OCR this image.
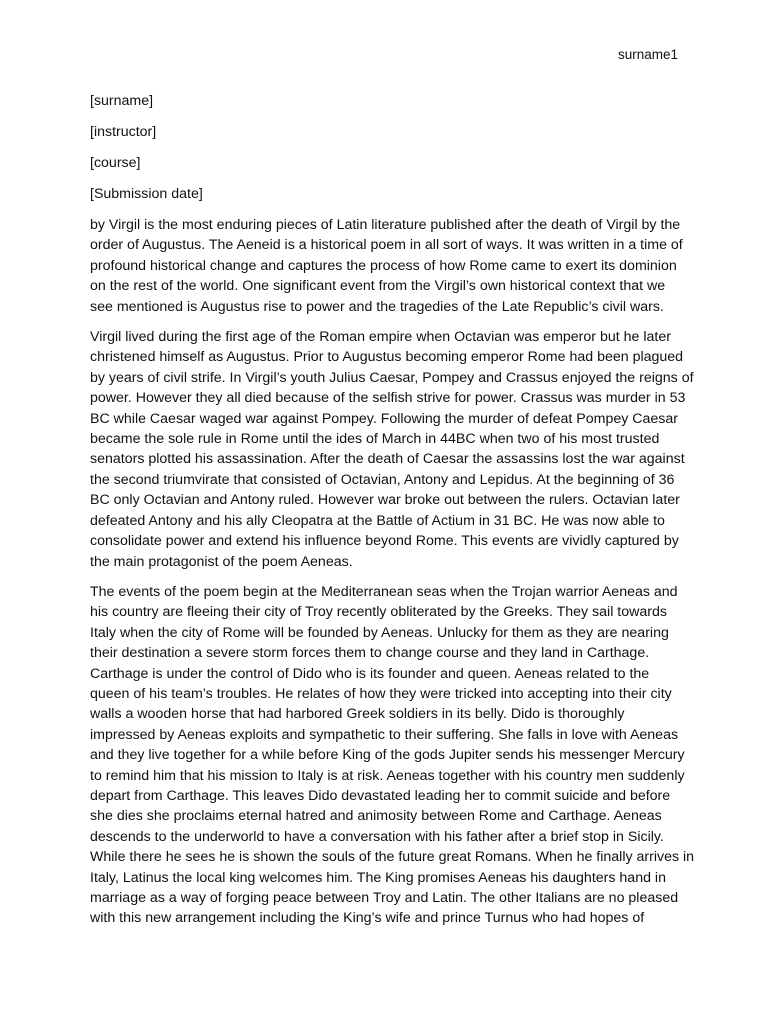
surname1

[surname]

[instructor]

[course]

[Submission date]

by Virgil is the most enduring pieces of Latin literature published after the death of Virgil by the
order of Augustus. The Aeneid is a historical poem in all sort of ways. It was written in a time of
profound historical change and captures the process of how Rome came to exert its dominion
on the rest of the world. One significant event from the Virgil’s own historical context that we
see mentioned is Augustus rise to power and the tragedies of the Late Republic’s civil wars.

Virgil lived during the first age of the Roman empire when Octavian was emperor but he later
christened himself as Augustus. Prior to Augustus becoming emperor Rome had been plagued
by years of civil strife. In Virgil’s youth Julius Caesar, Pompey and Crassus enjoyed the reigns of
power. However they all died because of the selfish strive for power. Crassus was murder in 53
BC while Caesar waged war against Pompey. Following the murder of defeat Pompey Caesar
became the sole rule in Rome until the ides of March in 44BC when two of his most trusted
senators plotted his assassination. After the death of Caesar the assassins lost the war against
the second triumvirate that consisted of Octavian, Antony and Lepidus. At the beginning of 36
BC only Octavian and Antony ruled. However war broke out between the rulers. Octavian later
defeated Antony and his ally Cleopatra at the Battle of Actium in 31 BC. He was now able to
consolidate power and extend his influence beyond Rome. This events are vividly captured by
the main protagonist of the poem Aeneas.

The events of the poem begin at the Mediterranean seas when the Trojan warrior Aeneas and
his country are fleeing their city of Troy recently obliterated by the Greeks. They sail towards
Italy when the city of Rome will be founded by Aeneas. Unlucky for them as they are nearing
their destination a severe storm forces them to change course and they land in Carthage.
Carthage is under the control of Dido who is its founder and queen. Aeneas related to the
queen of his team’s troubles. He relates of how they were tricked into accepting into their city
walls a wooden horse that had harbored Greek soldiers in its belly. Dido is thoroughly
impressed by Aeneas exploits and sympathetic to their suffering. She falls in love with Aeneas
and they live together for a while before King of the gods Jupiter sends his messenger Mercury
to remind him that his mission to Italy is at risk. Aeneas together with his country men suddenly
depart from Carthage. This leaves Dido devastated leading her to commit suicide and before
she dies she proclaims eternal hatred and animosity between Rome and Carthage. Aeneas
descends to the underworld to have a conversation with his father after a brief stop in Sicily.
While there he sees he is shown the souls of the future great Romans. When he finally arrives in
Italy, Latinus the local king welcomes him. The King promises Aeneas his daughters hand in
marriage as a way of forging peace between Troy and Latin. The other Italians are no pleased
with this new arrangement including the King’s wife and prince Turnus who had hopes of
